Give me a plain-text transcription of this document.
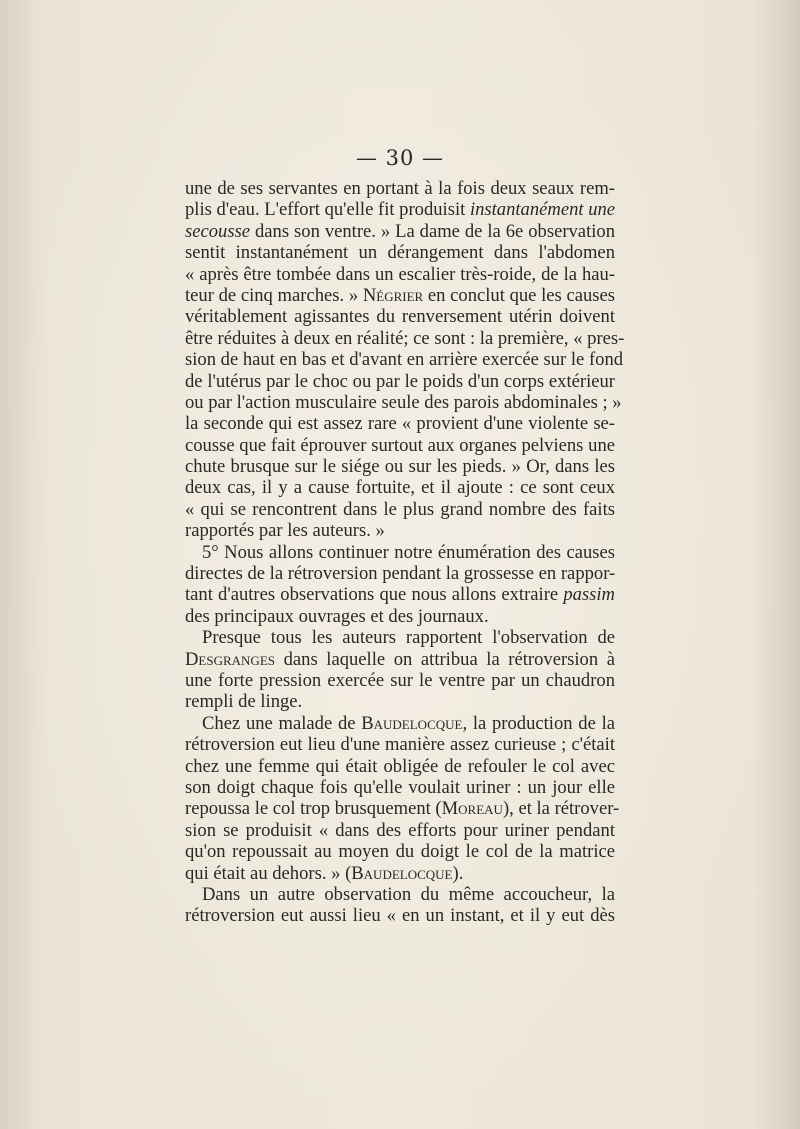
— 30 —
une de ses servantes en portant à la fois deux seaux rem-
plis d'eau. L'effort qu'elle fit produisit instantanément une
secousse dans son ventre. » La dame de la 6e observation
sentit instantanément un dérangement dans l'abdomen
« après être tombée dans un escalier très-roide, de la hau-
teur de cinq marches. » Négrier en conclut que les causes
véritablement agissantes du renversement utérin doivent
être réduites à deux en réalité; ce sont : la première, « pres-
sion de haut en bas et d'avant en arrière exercée sur le fond
de l'utérus par le choc ou par le poids d'un corps extérieur
ou par l'action musculaire seule des parois abdominales ; »
la seconde qui est assez rare « provient d'une violente se-
cousse que fait éprouver surtout aux organes pelviens une
chute brusque sur le siége ou sur les pieds. » Or, dans les
deux cas, il y a cause fortuite, et il ajoute : ce sont ceux
« qui se rencontrent dans le plus grand nombre des faits
rapportés par les auteurs. »
5° Nous allons continuer notre énumération des causes
directes de la rétroversion pendant la grossesse en rappor-
tant d'autres observations que nous allons extraire passim
des principaux ouvrages et des journaux.
Presque tous les auteurs rapportent l'observation de
Desgranges dans laquelle on attribua la rétroversion à
une forte pression exercée sur le ventre par un chaudron
rempli de linge.
Chez une malade de Baudelocque, la production de la
rétroversion eut lieu d'une manière assez curieuse ; c'était
chez une femme qui était obligée de refouler le col avec
son doigt chaque fois qu'elle voulait uriner : un jour elle
repoussa le col trop brusquement (Moreau), et la rétrover-
sion se produisit « dans des efforts pour uriner pendant
qu'on repoussait au moyen du doigt le col de la matrice
qui était au dehors. » (Baudelocque).
Dans un autre observation du même accoucheur, la
rétroversion eut aussi lieu « en un instant, et il y eut dès
